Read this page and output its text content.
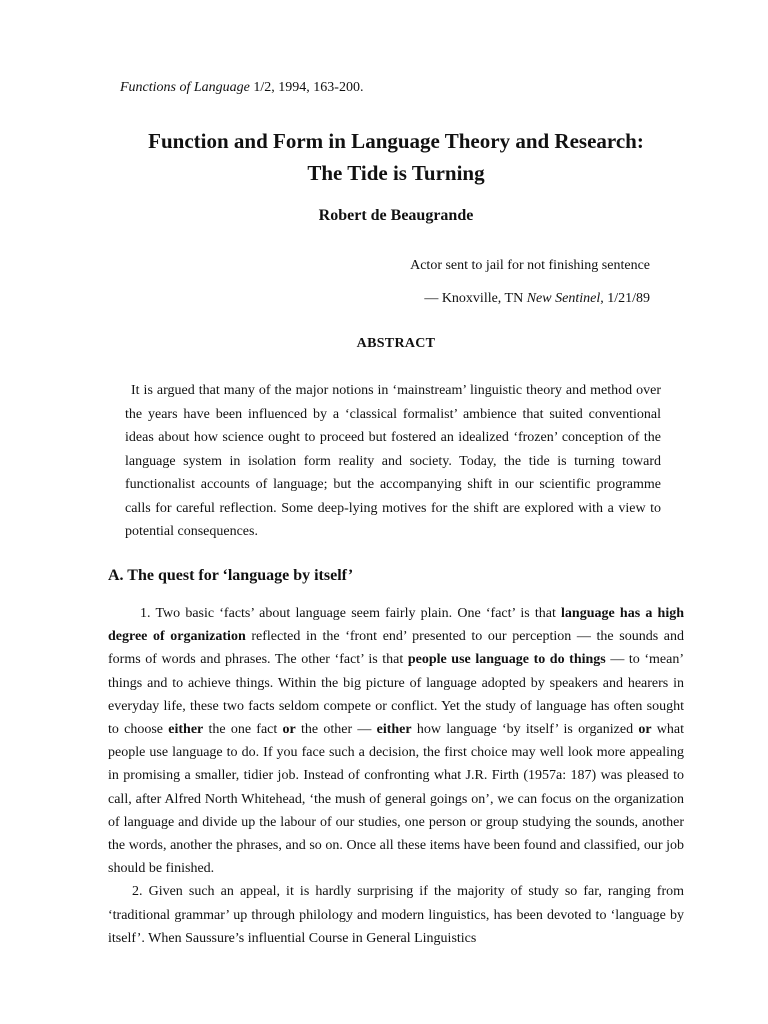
Functions of Language 1/2, 1994, 163-200.
Function and Form in Language Theory and Research:
The Tide is Turning
Robert de Beaugrande
Actor sent to jail for not finishing sentence
— Knoxville, TN New Sentinel, 1/21/89
ABSTRACT
It is argued that many of the major notions in ‘mainstream’ linguistic theory and method over the years have been influenced by a ‘classical formalist’ ambience that suited conventional ideas about how science ought to proceed but fostered an idealized ‘frozen’ conception of the language system in isolation form reality and society. Today, the tide is turning toward functionalist accounts of language; but the accompanying shift in our scientific programme calls for careful reflection. Some deep-lying motives for the shift are explored with a view to potential consequences.
A. The quest for ‘language by itself’

1. Two basic ‘facts’ about language seem fairly plain. One ‘fact’ is that language has a high degree of organization reflected in the ‘front end’ presented to our perception — the sounds and forms of words and phrases. The other ‘fact’ is that people use language to do things — to ‘mean’ things and to achieve things. Within the big picture of language adopted by speakers and hearers in everyday life, these two facts seldom compete or conflict. Yet the study of language has often sought to choose either the one fact or the other — either how language ‘by itself’ is organized or what people use language to do. If you face such a decision, the first choice may well look more appealing in promising a smaller, tidier job. Instead of confronting what J.R. Firth (1957a: 187) was pleased to call, after Alfred North Whitehead, ‘the mush of general goings on’, we can focus on the organization of language and divide up the labour of our studies, one person or group studying the sounds, another the words, another the phrases, and so on. Once all these items have been found and classified, our job should be finished.

2. Given such an appeal, it is hardly surprising if the majority of study so far, ranging from ‘traditional grammar’ up through philology and modern linguistics, has been devoted to ‘language by itself’. When Saussure’s influential Course in General Linguistics
